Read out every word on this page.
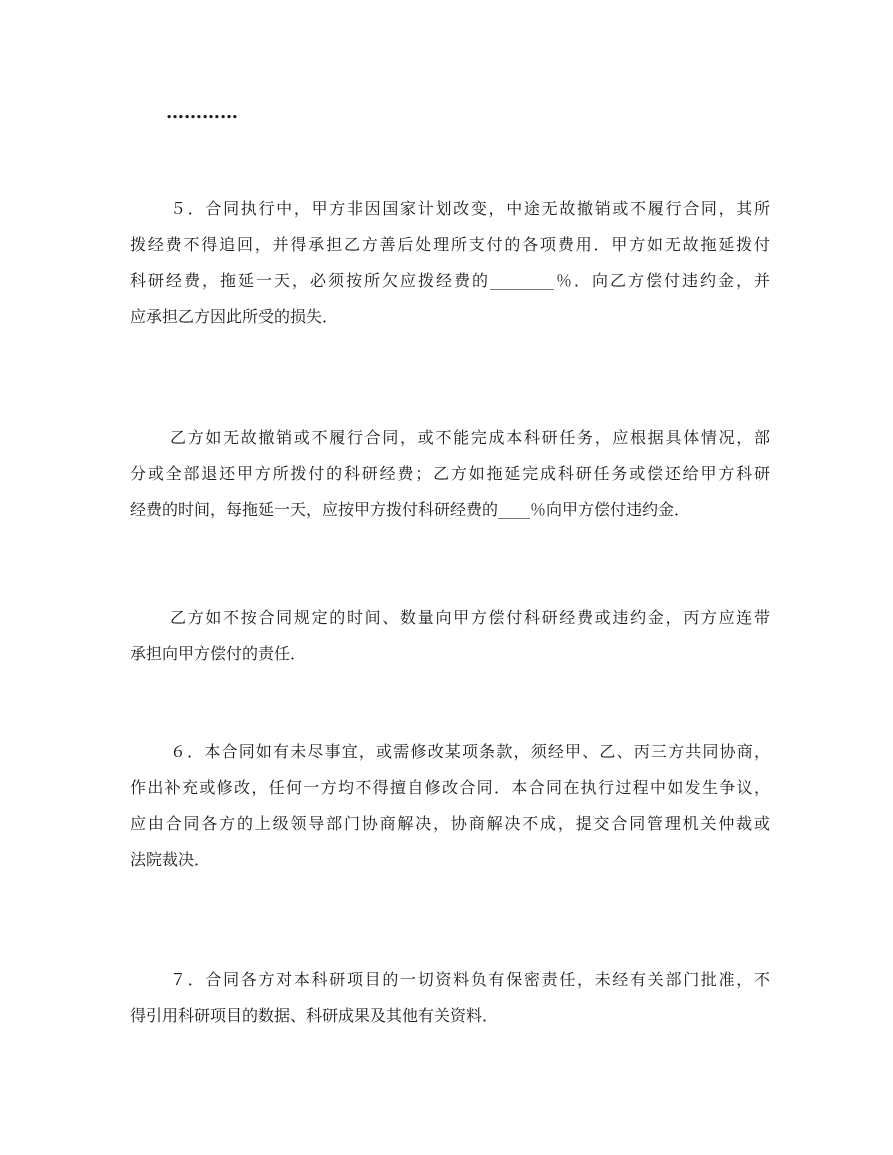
…………
５．合同执行中，甲方非因国家计划改变，中途无故撤销或不履行合同，其所
拨经费不得追回，并得承担乙方善后处理所支付的各项费用．甲方如无故拖延拨付
科研经费，拖延一天，必须按所欠应拨经费的________％．向乙方偿付违约金，并
应承担乙方因此所受的损失．
乙方如无故撤销或不履行合同，或不能完成本科研任务，应根据具体情况，部
分或全部退还甲方所拨付的科研经费；乙方如拖延完成科研任务或偿还给甲方科研
经费的时间，每拖延一天，应按甲方拨付科研经费的____％向甲方偿付违约金．
乙方如不按合同规定的时间、数量向甲方偿付科研经费或违约金，丙方应连带
承担向甲方偿付的责任．
６．本合同如有未尽事宜，或需修改某项条款，须经甲、乙、丙三方共同协商，
作出补充或修改，任何一方均不得擅自修改合同．本合同在执行过程中如发生争议，
应由合同各方的上级领导部门协商解决，协商解决不成，提交合同管理机关仲裁或
法院裁决．
７．合同各方对本科研项目的一切资料负有保密责任，未经有关部门批准，不
得引用科研项目的数据、科研成果及其他有关资料．
